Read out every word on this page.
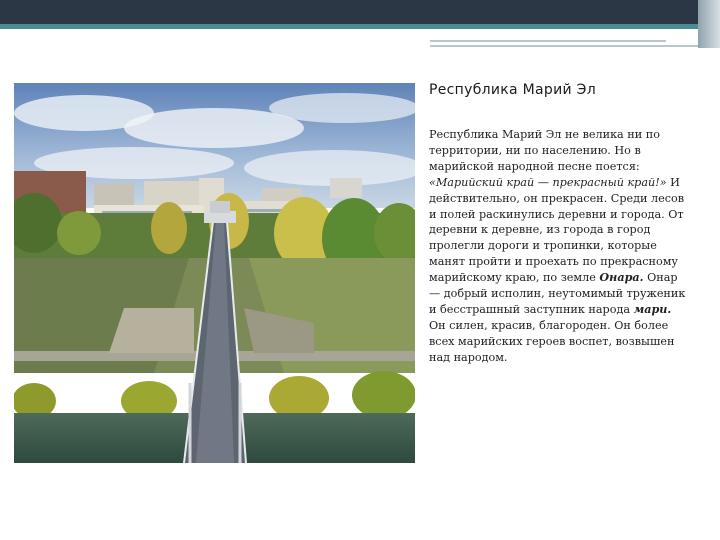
Республика Марий Эл
Республика Марий Эл не велика ни по территории, ни по населению. Но в марийской народной песне поется: «Марийский край — прекрасный край!» И действительно, он прекрасен. Среди лесов и полей раскинулись деревни и города. От деревни к деревне, из города в город пролегли дороги и тропинки, которые манят пройти и проехать по прекрасному марийскому краю, по земле Онара. Онар — добрый исполин, неутомимый труженик и бесстрашный заступник народа мари. Он силен, красив, благороден. Он более всех марийских героев воспет, возвышен над народом.
